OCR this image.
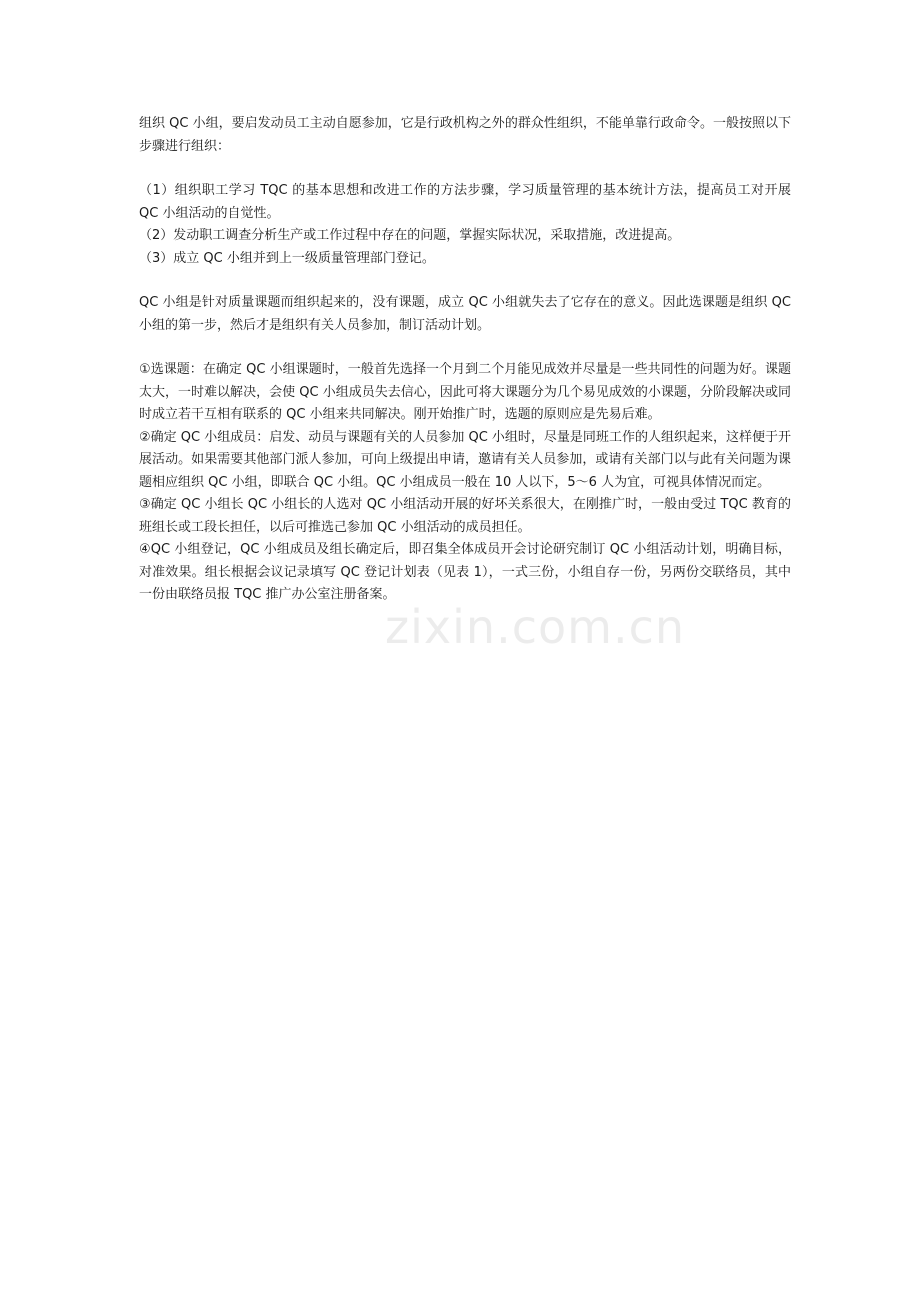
组织 QC 小组，要启发动员工主动自愿参加，它是行政机构之外的群众性组织，不能单靠行政命令。一般按照以下步骤进行组织：

（1）组织职工学习 TQC 的基本思想和改进工作的方法步骤，学习质量管理的基本统计方法，提高员工对开展 QC 小组活动的自觉性。

（2）发动职工调查分析生产或工作过程中存在的问题，掌握实际状况，采取措施，改进提高。

（3）成立 QC 小组并到上一级质量管理部门登记。

QC 小组是针对质量课题而组织起来的，没有课题，成立 QC 小组就失去了它存在的意义。因此选课题是组织 QC 小组的第一步，然后才是组织有关人员参加，制订活动计划。

①选课题：在确定 QC 小组课题时，一般首先选择一个月到二个月能见成效并尽量是一些共同性的问题为好。课题太大，一时难以解决，会使 QC 小组成员失去信心，因此可将大课题分为几个易见成效的小课题，分阶段解决或同时成立若干互相有联系的 QC 小组来共同解决。刚开始推广时，选题的原则应是先易后难。

②确定 QC 小组成员：启发、动员与课题有关的人员参加 QC 小组时，尽量是同班工作的人组织起来，这样便于开展活动。如果需要其他部门派人参加，可向上级提出申请，邀请有关人员参加，或请有关部门以与此有关问题为课题相应组织 QC 小组，即联合 QC 小组。QC 小组成员一般在 10 人以下，5～6 人为宜，可视具体情况而定。

③确定 QC 小组长 QC 小组长的人选对 QC 小组活动开展的好坏关系很大，在刚推广时，一般由受过 TQC 教育的班组长或工段长担任，以后可推选己参加 QC 小组活动的成员担任。

④QC 小组登记，QC 小组成员及组长确定后，即召集全体成员开会讨论研究制订 QC 小组活动计划，明确目标，对准效果。组长根据会议记录填写 QC 登记计划表（见表 1），一式三份，小组自存一份，另两份交联络员，其中一份由联络员报 TQC 推广办公室注册备案。

zixin.com.cn
